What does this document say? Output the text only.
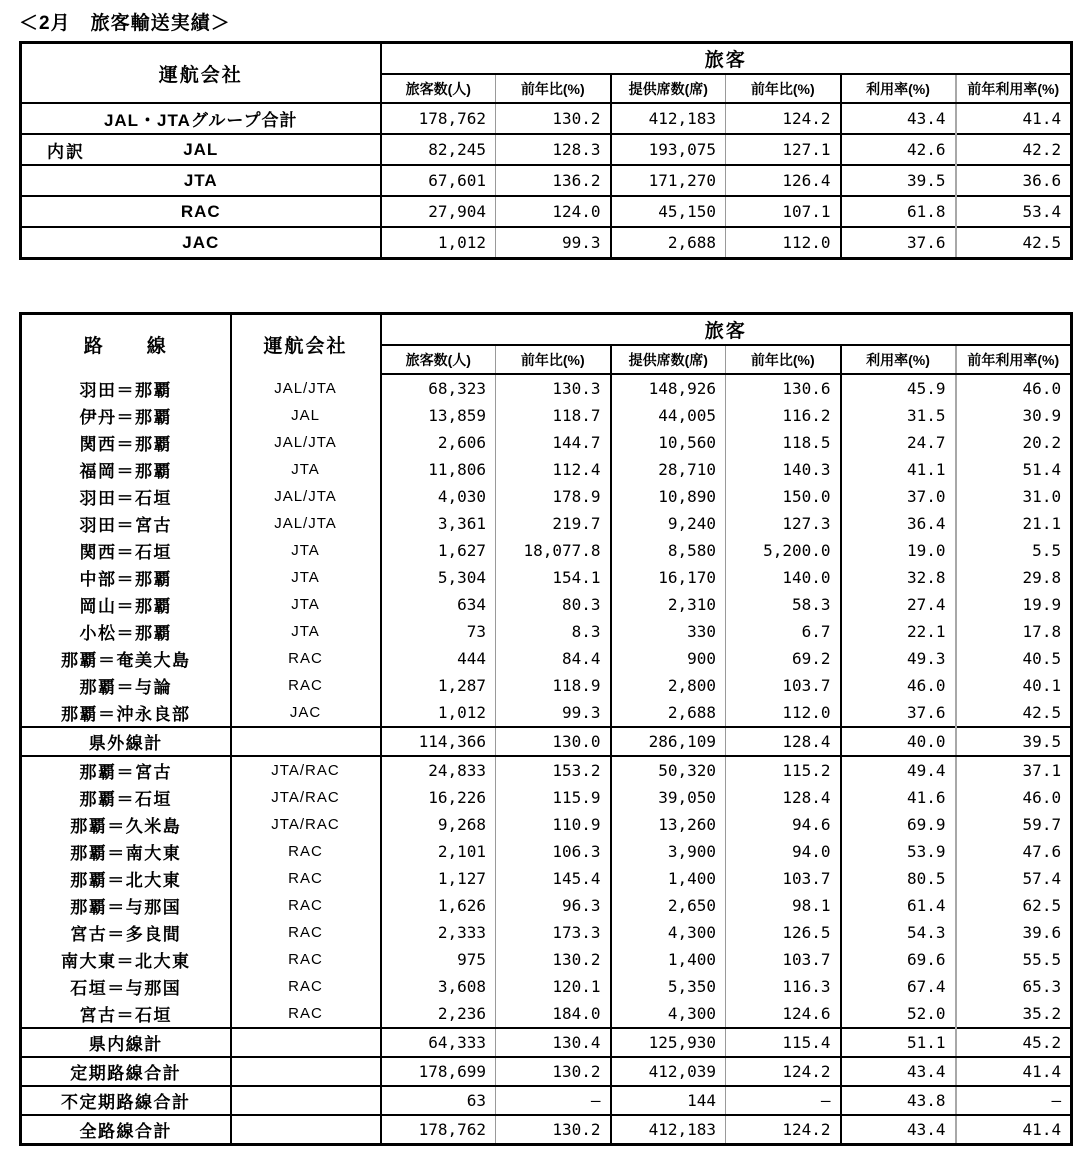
＜2月　旅客輸送実績＞
運航会社	旅客					
	旅客数(人)	前年比(%)	提供席数(席)	前年比(%)	利用率(%)	前年利用率(%)
JAL・JTAグループ合計	178,762	130.2	412,183	124.2	43.4	41.4

内訳 JAL	82,245	128.3	193,075	127.1	42.6	42.2
JTA	67,601	136.2	171,270	126.4	39.5	36.6
RAC	27,904	124.0	45,150	107.1	61.8	53.4
JAC	1,012	99.3	2,688	112.0	37.6	42.5
路　　線	運航会社	旅客					
		旅客数(人)	前年比(%)	提供席数(席)	前年比(%)	利用率(%)	前年利用率(%)
羽田＝那覇	JAL/JTA	68,323	130.3	148,926	130.6	45.9	46.0
伊丹＝那覇	JAL	13,859	118.7	44,005	116.2	31.5	30.9
関西＝那覇	JAL/JTA	2,606	144.7	10,560	118.5	24.7	20.2
福岡＝那覇	JTA	11,806	112.4	28,710	140.3	41.1	51.4
羽田＝石垣	JAL/JTA	4,030	178.9	10,890	150.0	37.0	31.0
羽田＝宮古	JAL/JTA	3,361	219.7	9,240	127.3	36.4	21.1
関西＝石垣	JTA	1,627	18,077.8	8,580	5,200.0	19.0	5.5
中部＝那覇	JTA	5,304	154.1	16,170	140.0	32.8	29.8
岡山＝那覇	JTA	634	80.3	2,310	58.3	27.4	19.9
小松＝那覇	JTA	73	8.3	330	6.7	22.1	17.8
那覇＝奄美大島	RAC	444	84.4	900	69.2	49.3	40.5
那覇＝与論	RAC	1,287	118.9	2,800	103.7	46.0	40.1
那覇＝沖永良部	JAC	1,012	99.3	2,688	112.0	37.6	42.5
県外線計		114,366	130.0	286,109	128.4	40.0	39.5
那覇＝宮古	JTA/RAC	24,833	153.2	50,320	115.2	49.4	37.1
那覇＝石垣	JTA/RAC	16,226	115.9	39,050	128.4	41.6	46.0
那覇＝久米島	JTA/RAC	9,268	110.9	13,260	94.6	69.9	59.7
那覇＝南大東	RAC	2,101	106.3	3,900	94.0	53.9	47.6
那覇＝北大東	RAC	1,127	145.4	1,400	103.7	80.5	57.4
那覇＝与那国	RAC	1,626	96.3	2,650	98.1	61.4	62.5
宮古＝多良間	RAC	2,333	173.3	4,300	126.5	54.3	39.6
南大東＝北大東	RAC	975	130.2	1,400	103.7	69.6	55.5
石垣＝与那国	RAC	3,608	120.1	5,350	116.3	67.4	65.3
宮古＝石垣	RAC	2,236	184.0	4,300	124.6	52.0	35.2
県内線計		64,333	130.4	125,930	115.4	51.1	45.2
定期路線合計		178,699	130.2	412,039	124.2	43.4	41.4
不定期路線合計		63	–	144	–	43.8	–
全路線合計		178,762	130.2	412,183	124.2	43.4	41.4
